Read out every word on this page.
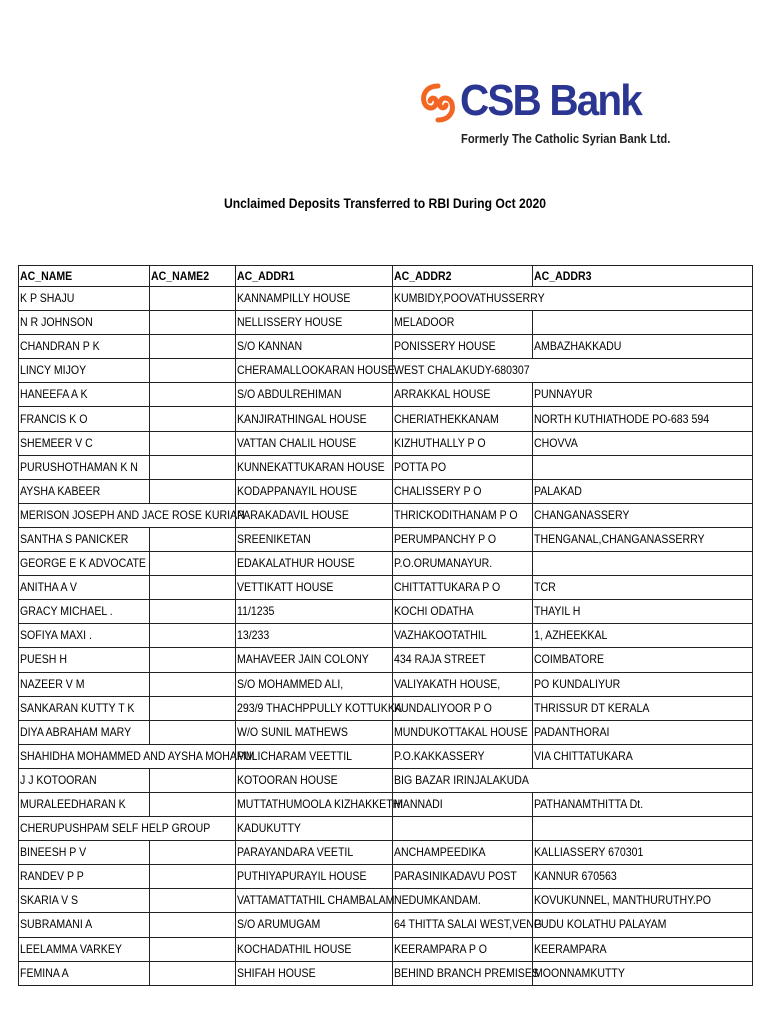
CSB Bank
Formerly The Catholic Syrian Bank Ltd.
Unclaimed Deposits Transferred to RBI During Oct 2020
AC_NAME	AC_NAME2	AC_ADDR1	AC_ADDR2	AC_ADDR3
K P SHAJU		KANNAMPILLY HOUSE	KUMBIDY,POOVATHUSSERRY	
N R JOHNSON		NELLISSERY HOUSE	MELADOOR	
CHANDRAN P K		S/O KANNAN	PONISSERY HOUSE	AMBAZHAKKADU
LINCY MIJOY		CHERAMALLOOKARAN HOUSE	WEST CHALAKUDY-680307	
HANEEFA A K		S/O ABDULREHIMAN	ARRAKKAL HOUSE	PUNNAYUR
FRANCIS K O		KANJIRATHINGAL HOUSE	CHERIATHEKKANAM	NORTH KUTHIATHODE PO-683 594
SHEMEER V C		VATTAN CHALIL HOUSE	KIZHUTHALLY P O	CHOVVA
PURUSHOTHAMAN K N		KUNNEKATTUKARAN HOUSE	POTTA PO	
AYSHA KABEER		KODAPPANAYIL HOUSE	CHALISSERY P O	PALAKAD
MERISON JOSEPH AND JACE ROSE KURIAN		PARAKADAVIL HOUSE	THRICKODITHANAM P O	CHANGANASSERY
SANTHA S PANICKER		SREENIKETAN	PERUMPANCHY P O	THENGANAL,CHANGANASSERRY
GEORGE E K ADVOCATE		EDAKALATHUR HOUSE	P.O.ORUMANAYUR.	
ANITHA A V		VETTIKATT HOUSE	CHITTATTUKARA P O	TCR
GRACY MICHAEL .		11/1235	KOCHI ODATHA	THAYIL H
SOFIYA MAXI .		13/233	VAZHAKOOTATHIL	1, AZHEEKKAL
PUESH H		MAHAVEER JAIN COLONY	434 RAJA STREET	COIMBATORE
NAZEER V M		S/O MOHAMMED ALI,	VALIYAKATH HOUSE,	PO KUNDALIYUR
SANKARAN KUTTY T K		293/9 THACHPPULLY KOTTUKKA	KUNDALIYOOR P O	THRISSUR DT KERALA
DIYA ABRAHAM MARY		W/O SUNIL MATHEWS	MUNDUKOTTAKAL HOUSE	PADANTHORAI
SHAHIDHA MOHAMMED AND AYSHA MOHAMM		PULICHARAM VEETTIL	P.O.KAKKASSERY	VIA CHITTATUKARA
J J KOTOORAN		KOTOORAN HOUSE	BIG BAZAR IRINJALAKUDA	
MURALEEDHARAN K		MUTTATHUMOOLA KIZHAKKETHI	MANNADI	PATHANAMTHITTA Dt.
CHERUPUSHPAM SELF HELP GROUP		KADUKUTTY		
BINEESH P V		PARAYANDARA VEETIL	ANCHAMPEEDIKA	KALLIASSERY 670301
RANDEV P P		PUTHIYAPURAYIL HOUSE	PARASINIKADAVU POST	KANNUR 670563
SKARIA V S		VATTAMATTATHIL CHAMBALAM	NEDUMKANDAM.	KOVUKUNNEL, MANTHURUTHY.PO
SUBRAMANI A		S/O ARUMUGAM	64 THITTA SALAI WEST,VENG	PUDU KOLATHU PALAYAM
LEELAMMA VARKEY		KOCHADATHIL HOUSE	KEERAMPARA P O	KEERAMPARA
FEMINA A		SHIFAH HOUSE	BEHIND BRANCH PREMISES	MOONNAMKUTTY
